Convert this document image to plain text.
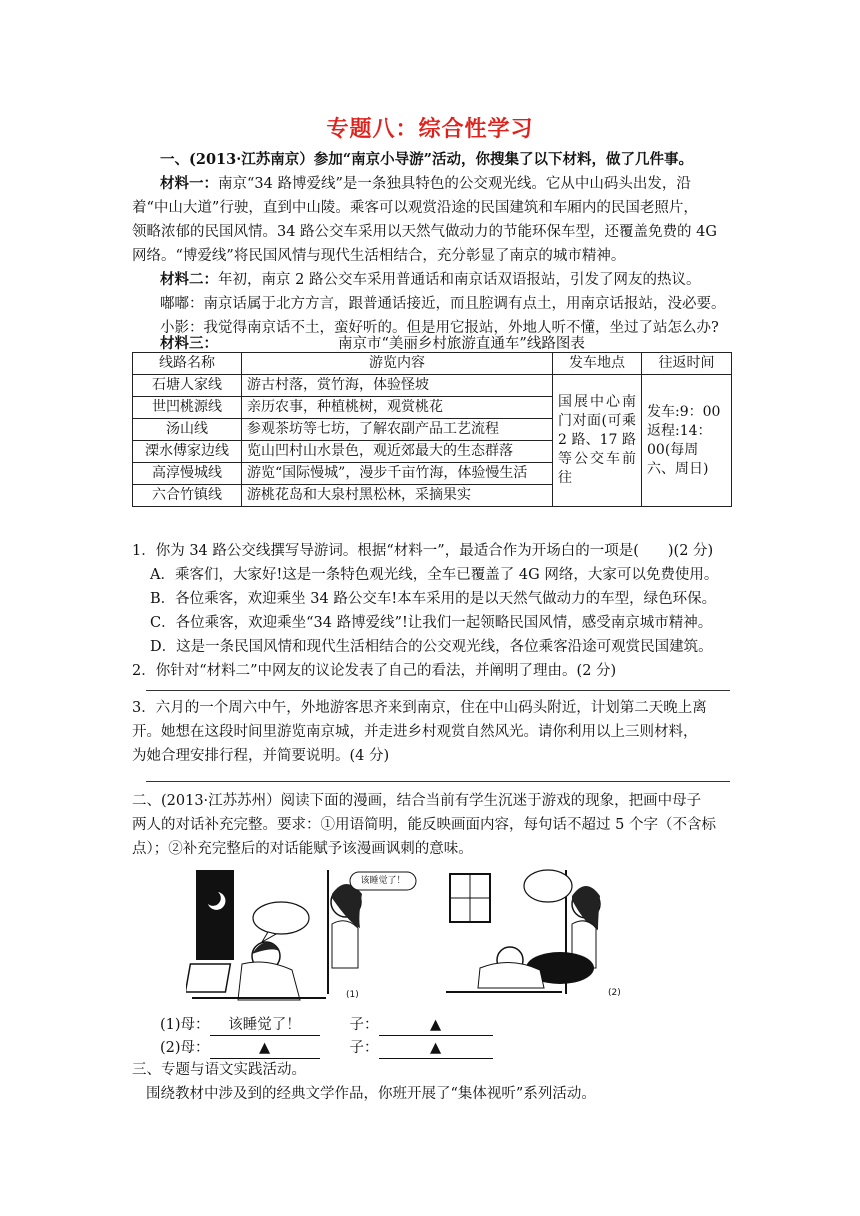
专题八：综合性学习
一、(2013·江苏南京）参加“南京小导游”活动，你搜集了以下材料，做了几件事。
材料一：南京“34 路博爱线”是一条独具特色的公交观光线。它从中山码头出发，沿
着“中山大道”行驶，直到中山陵。乘客可以观赏沿途的民国建筑和车厢内的民国老照片，
领略浓郁的民国风情。34 路公交车采用以天然气做动力的节能环保车型，还覆盖免费的 4G
网络。“博爱线”将民国风情与现代生活相结合，充分彰显了南京的城市精神。
材料二：年初，南京 2 路公交车采用普通话和南京话双语报站，引发了网友的热议。
嘟嘟：南京话属于北方方言，跟普通话接近，而且腔调有点土，用南京话报站，没必要。
小影：我觉得南京话不土，蛮好听的。但是用它报站，外地人听不懂，坐过了站怎么办?
材料三：	南京市“美丽乡村旅游直通车”线路图表
线路名称	游览内容	发车地点	往返时间
石塘人家线	游古村落，赏竹海，体验怪坡	国展中心南门对面(可乘 2 路、17 路等公交车前往	发车:9：00返程:14：00(每周六、周日)
世凹桃源线	亲历农事，种植桃树，观赏桃花		
汤山线	参观茶坊等七坊，了解农副产品工艺流程		
溧水傅家边线	览山凹村山水景色，观近郊最大的生态群落		
高淳慢城线	游览“国际慢城”，漫步千亩竹海，体验慢生活		
六合竹镇线	游桃花岛和大泉村黑松林，采摘果实		
1．你为 34 路公交线撰写导游词。根据“材料一”，最适合作为开场白的一项是(　　)(2 分)
A．乘客们，大家好!这是一条特色观光线，全车已覆盖了 4G 网络，大家可以免费使用。
B．各位乘客，欢迎乘坐 34 路公交车!本车采用的是以天然气做动力的车型，绿色环保。
C．各位乘客，欢迎乘坐“34 路博爱线”!让我们一起领略民国风情，感受南京城市精神。
D．这是一条民国风情和现代生活相结合的公交观光线，各位乘客沿途可观赏民国建筑。
2．你针对“材料二”中网友的议论发表了自己的看法，并阐明了理由。(2 分)
3．六月的一个周六中午，外地游客思齐来到南京，住在中山码头附近，计划第二天晚上离
开。她想在这段时间里游览南京城，并走进乡村观赏自然风光。请你利用以上三则材料，
为她合理安排行程，并简要说明。(4 分)
二、(2013·江苏苏州）阅读下面的漫画，结合当前有学生沉迷于游戏的现象，把画中母子
两人的对话补充完整。要求：①用语简明，能反映画面内容，每句话不超过 5 个字（不含标
点）；②补充完整后的对话能赋予该漫画讽刺的意味。
该睡觉了！
(1)	(2)
(1)母： 该睡觉了！	子：	▲
(2)母：	▲	子：	▲
三、专题与语文实践活动。
围绕教材中涉及到的经典文学作品，你班开展了“集体视听”系列活动。
